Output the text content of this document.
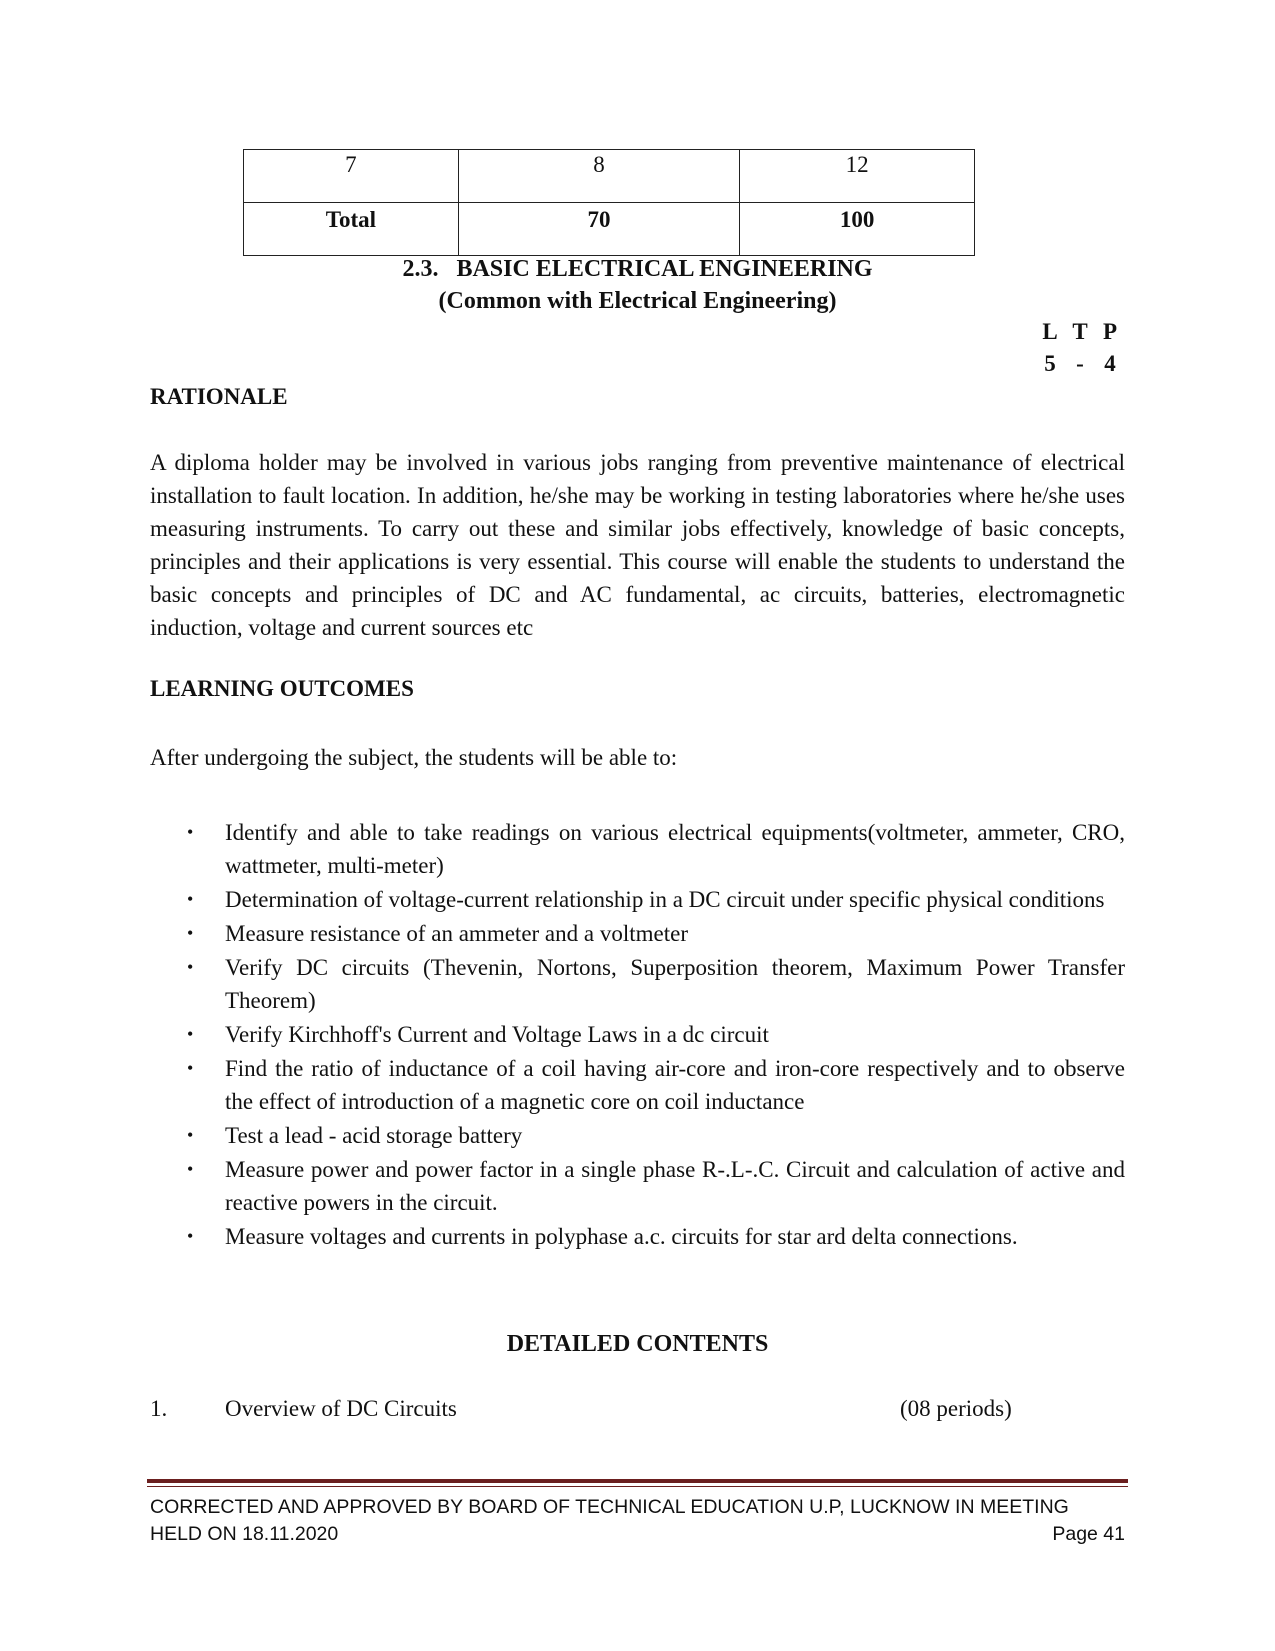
7	8	12
Total	70	100
2.3.   BASIC ELECTRICAL ENGINEERING
(Common with Electrical Engineering)
L T P
5 - 4
RATIONALE
A diploma holder may be involved in various jobs ranging from preventive maintenance of electrical installation to fault location. In addition, he/she may be working in testing laboratories where he/she uses measuring instruments. To carry out these and similar jobs effectively, knowledge of basic concepts, principles and their applications is very essential. This course will enable the students to understand the basic concepts and principles of DC and AC fundamental, ac circuits, batteries, electromagnetic induction, voltage and current sources etc
LEARNING OUTCOMES
After undergoing the subject, the students will be able to:
• Identify and able to take readings on various electrical equipments(voltmeter, ammeter, CRO, wattmeter, multi-meter)
• Determination of voltage-current relationship in a DC circuit under specific physical conditions
• Measure resistance of an ammeter and a voltmeter
• Verify DC circuits (Thevenin, Nortons, Superposition theorem, Maximum Power Transfer Theorem)
• Verify Kirchhoff's Current and Voltage Laws in a dc circuit
• Find the ratio of inductance of a coil having air-core and iron-core respectively and to observe the effect of introduction of a magnetic core on coil inductance
• Test a lead - acid storage battery
• Measure power and power factor in a single phase R-.L-.C. Circuit and calculation of active and reactive powers in the circuit.
• Measure voltages and currents in polyphase a.c. circuits for star ard delta connections.
DETAILED CONTENTS
1.	Overview of DC Circuits	(08 periods)
CORRECTED AND APPROVED BY BOARD OF TECHNICAL EDUCATION U.P, LUCKNOW IN MEETING
HELD ON 18.11.2020	Page 41
